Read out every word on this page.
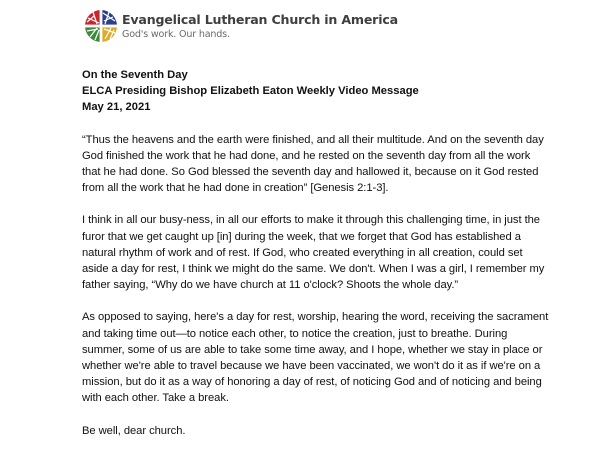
Evangelical Lutheran Church in America
God's work. Our hands.
On the Seventh Day
ELCA Presiding Bishop Elizabeth Eaton Weekly Video Message
May 21, 2021

“Thus the heavens and the earth were finished, and all their multitude. And on the seventh day
God finished the work that he had done, and he rested on the seventh day from all the work
that he had done. So God blessed the seventh day and hallowed it, because on it God rested
from all the work that he had done in creation” [Genesis 2:1-3].

I think in all our busy-ness, in all our efforts to make it through this challenging time, in just the
furor that we get caught up [in] during the week, that we forget that God has established a
natural rhythm of work and of rest. If God, who created everything in all creation, could set
aside a day for rest, I think we might do the same. We don't. When I was a girl, I remember my
father saying, “Why do we have church at 11 o'clock? Shoots the whole day.”

As opposed to saying, here's a day for rest, worship, hearing the word, receiving the sacrament
and taking time out—to notice each other, to notice the creation, just to breathe. During
summer, some of us are able to take some time away, and I hope, whether we stay in place or
whether we're able to travel because we have been vaccinated, we won't do it as if we're on a
mission, but do it as a way of honoring a day of rest, of noticing God and of noticing and being
with each other. Take a break.

Be well, dear church.
